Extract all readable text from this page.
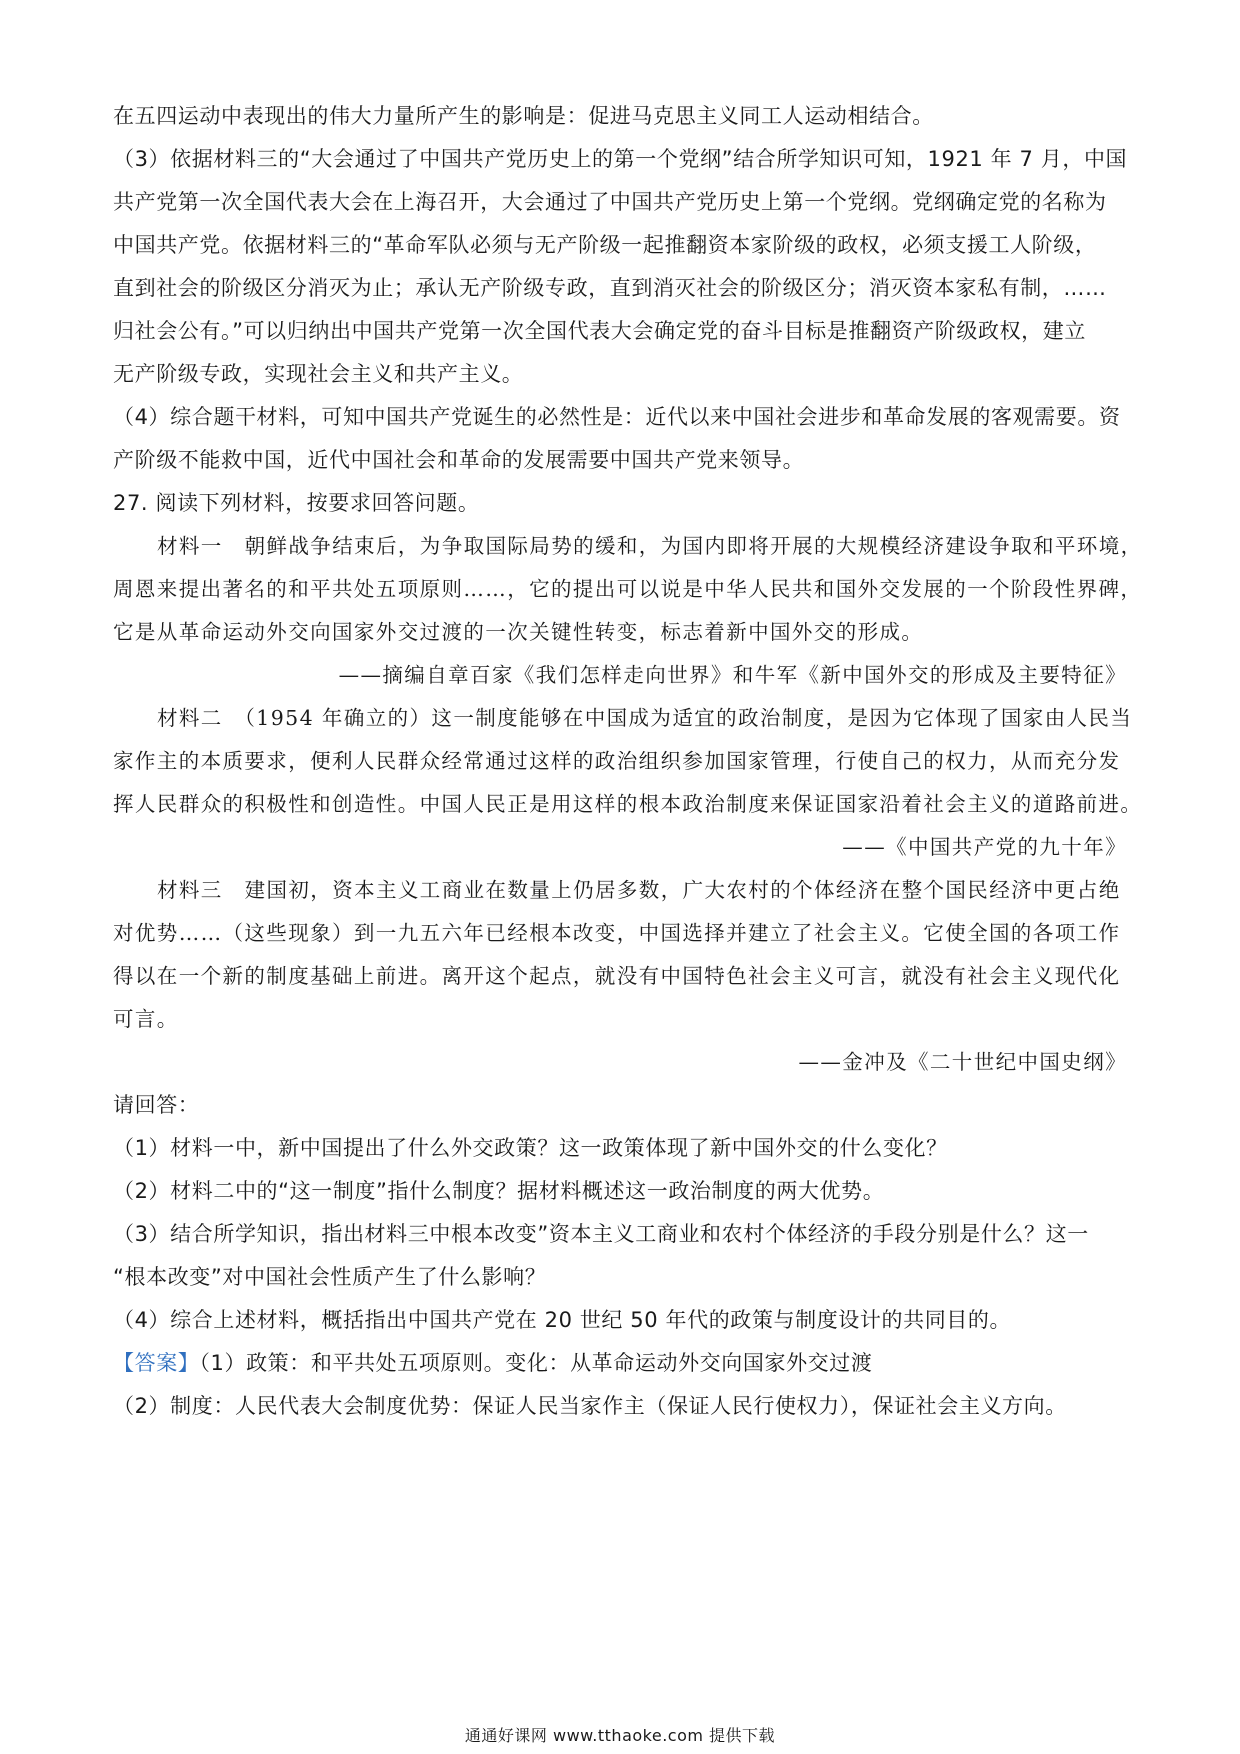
在五四运动中表现出的伟大力量所产生的影响是：促进马克思主义同工人运动相结合。
（3）依据材料三的“大会通过了中国共产党历史上的第一个党纲”结合所学知识可知，1921 年 7 月，中国
共产党第一次全国代表大会在上海召开，大会通过了中国共产党历史上第一个党纲。党纲确定党的名称为
中国共产党。依据材料三的“革命军队必须与无产阶级一起推翻资本家阶级的政权，必须支援工人阶级，
直到社会的阶级区分消灭为止；承认无产阶级专政，直到消灭社会的阶级区分；消灭资本家私有制，……
归社会公有。”可以归纳出中国共产党第一次全国代表大会确定党的奋斗目标是推翻资产阶级政权，建立
无产阶级专政，实现社会主义和共产主义。
（4）综合题干材料，可知中国共产党诞生的必然性是：近代以来中国社会进步和革命发展的客观需要。资
产阶级不能救中国，近代中国社会和革命的发展需要中国共产党来领导。
27. 阅读下列材料，按要求回答问题。
材料一　朝鲜战争结束后，为争取国际局势的缓和，为国内即将开展的大规模经济建设争取和平环境，
周恩来提出著名的和平共处五项原则……，它的提出可以说是中华人民共和国外交发展的一个阶段性界碑，
它是从革命运动外交向国家外交过渡的一次关键性转变，标志着新中国外交的形成。
——摘编自章百家《我们怎样走向世界》和牛军《新中国外交的形成及主要特征》
材料二　（1954 年确立的）这一制度能够在中国成为适宜的政治制度，是因为它体现了国家由人民当
家作主的本质要求，便利人民群众经常通过这样的政治组织参加国家管理，行使自己的权力，从而充分发
挥人民群众的积极性和创造性。中国人民正是用这样的根本政治制度来保证国家沿着社会主义的道路前进。
——《中国共产党的九十年》
材料三　建国初，资本主义工商业在数量上仍居多数，广大农村的个体经济在整个国民经济中更占绝
对优势……（这些现象）到一九五六年已经根本改变，中国选择并建立了社会主义。它使全国的各项工作
得以在一个新的制度基础上前进。离开这个起点，就没有中国特色社会主义可言，就没有社会主义现代化
可言。
——金冲及《二十世纪中国史纲》
请回答：
（1）材料一中，新中国提出了什么外交政策？这一政策体现了新中国外交的什么变化？
（2）材料二中的“这一制度”指什么制度？据材料概述这一政治制度的两大优势。
（3）结合所学知识，指出材料三中根本改变”资本主义工商业和农村个体经济的手段分别是什么？这一
“根本改变”对中国社会性质产生了什么影响？
（4）综合上述材料，概括指出中国共产党在 20 世纪 50 年代的政策与制度设计的共同目的。
【答案】（1）政策：和平共处五项原则。变化：从革命运动外交向国家外交过渡
（2）制度：人民代表大会制度优势：保证人民当家作主（保证人民行使权力），保证社会主义方向。
通通好课网 www.tthaoke.com 提供下载
